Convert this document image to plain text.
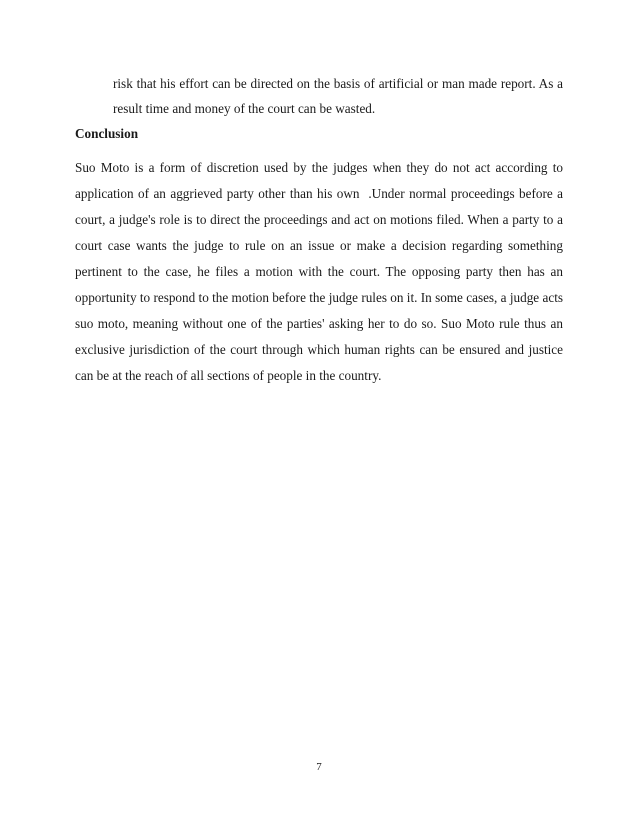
risk that his effort can be directed on the basis of artificial or man made report. As a result time and money of the court can be wasted.

Conclusion

Suo Moto is a form of discretion used by the judges when they do not act according to application of an aggrieved party other than his own  .Under normal proceedings before a court, a judge's role is to direct the proceedings and act on motions filed. When a party to a court case wants the judge to rule on an issue or make a decision regarding something pertinent to the case, he files a motion with the court. The opposing party then has an opportunity to respond to the motion before the judge rules on it. In some cases, a judge acts suo moto, meaning without one of the parties' asking her to do so. Suo Moto rule thus an exclusive jurisdiction of the court through which human rights can be ensured and justice can be at the reach of all sections of people in the country.

7
